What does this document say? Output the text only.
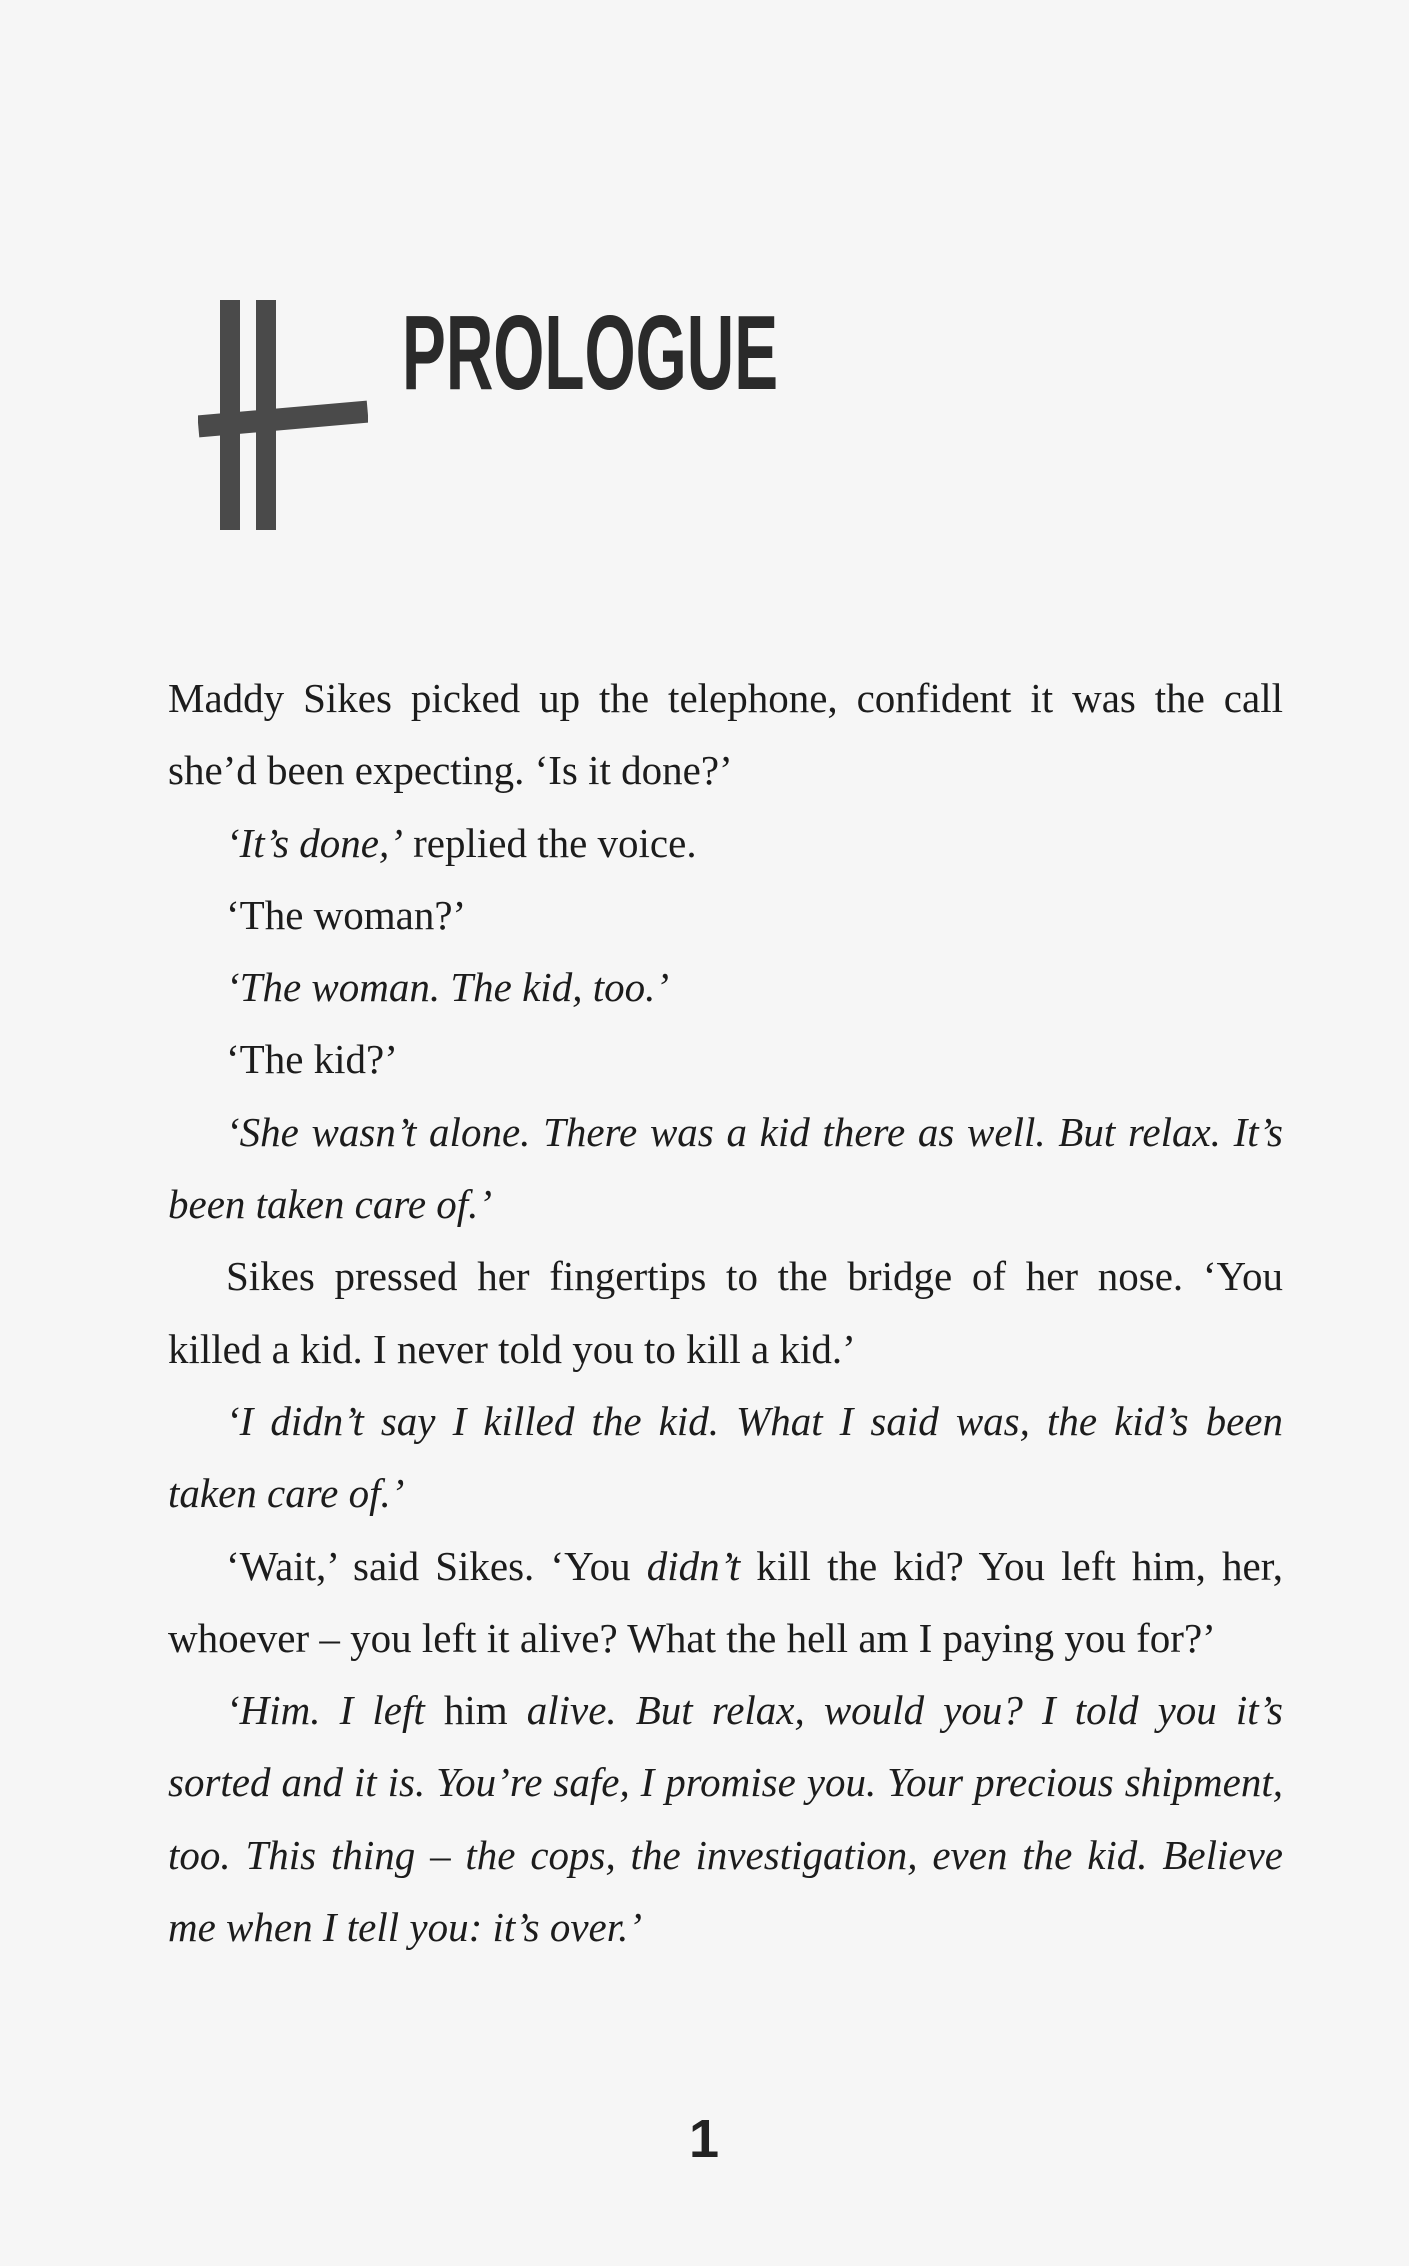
PROLOGUE

Maddy Sikes picked up the telephone, confident it was the call she’d been expecting. ‘Is it done?’

‘It’s done,’ replied the voice.

‘The woman?’

‘The woman. The kid, too.’

‘The kid?’

‘She wasn’t alone. There was a kid there as well. But relax. It’s been taken care of.’

Sikes pressed her fingertips to the bridge of her nose. ‘You killed a kid. I never told you to kill a kid.’

‘I didn’t say I killed the kid. What I said was, the kid’s been taken care of.’

‘Wait,’ said Sikes. ‘You didn’t kill the kid? You left him, her, whoever – you left it alive? What the hell am I paying you for?’

‘Him. I left him alive. But relax, would you? I told you it’s sorted and it is. You’re safe, I promise you. Your precious shipment, too. This thing – the cops, the investigation, even the kid. Believe me when I tell you: it’s over.’

1
